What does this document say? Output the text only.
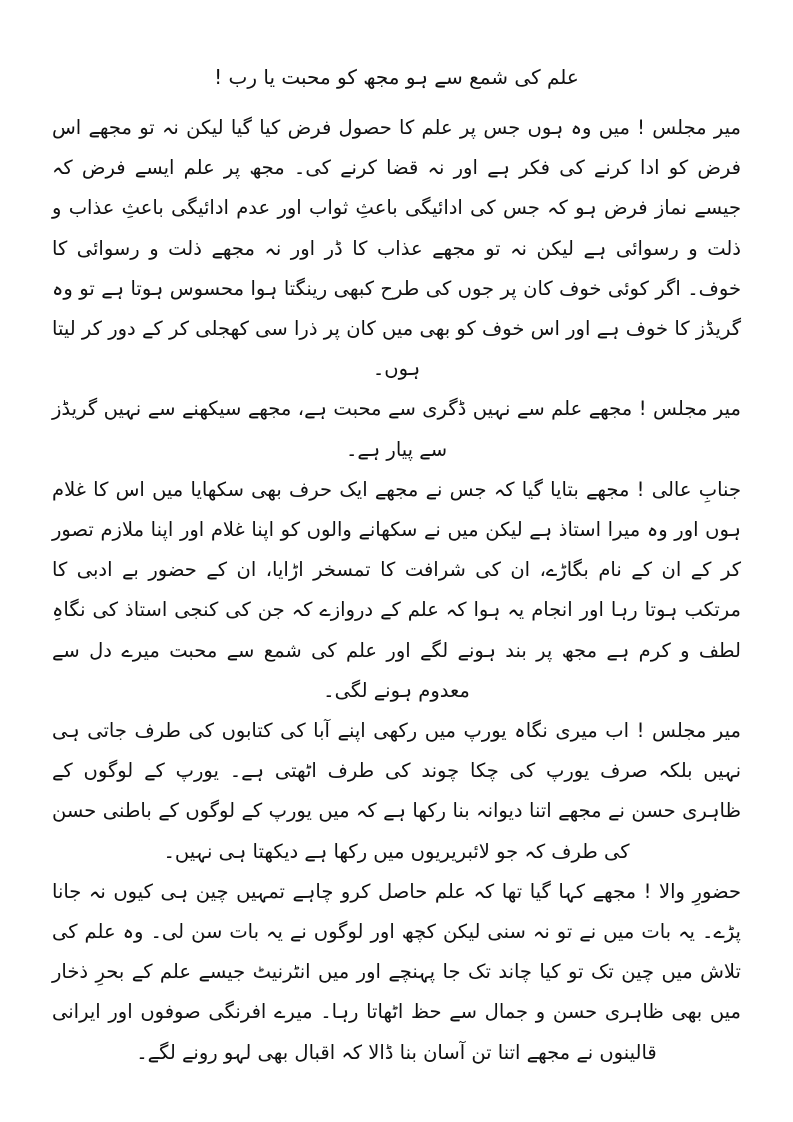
علم کی شمع سے ہو مجھ کو محبت یا رب !

میر مجلس ! میں وہ ہوں جس پر علم کا حصول فرض کیا گیا لیکن نہ تو مجھے اس فرض کو ادا کرنے کی فکر ہے اور نہ قضا کرنے کی۔ مجھ پر علم ایسے فرض کہ جیسے نماز فرض ہو کہ جس کی ادائیگی باعثِ ثواب اور عدم ادائیگی باعثِ عذاب و ذلت و رسوائی ہے لیکن نہ تو مجھے عذاب کا ڈر اور نہ مجھے ذلت و رسوائی کا خوف۔ اگر کوئی خوف کان پر جوں کی طرح کبھی رینگتا ہوا محسوس ہوتا ہے تو وہ گریڈز کا خوف ہے اور اس خوف کو بھی میں کان پر ذرا سی کھجلی کر کے دور کر لیتا ہوں۔

میر مجلس ! مجھے علم سے نہیں ڈگری سے محبت ہے، مجھے سیکھنے سے نہیں گریڈز سے پیار ہے۔

جنابِ عالی ! مجھے بتایا گیا کہ جس نے مجھے ایک حرف بھی سکھایا میں اس کا غلام ہوں اور وہ میرا استاذ ہے لیکن میں نے سکھانے والوں کو اپنا غلام اور اپنا ملازم تصور کر کے ان کے نام بگاڑے، ان کی شرافت کا تمسخر اڑایا، ان کے حضور بے ادبی کا مرتکب ہوتا رہا اور انجام یہ ہوا کہ علم کے دروازے کہ جن کی کنجی استاذ کی نگاہِ لطف و کرم ہے مجھ پر بند ہونے لگے اور علم کی شمع سے محبت میرے دل سے معدوم ہونے لگی۔

میر مجلس ! اب میری نگاہ یورپ میں رکھی اپنے آبا کی کتابوں کی طرف جاتی ہی نہیں بلکہ صرف یورپ کی چکا چوند کی طرف اٹھتی ہے۔ یورپ کے لوگوں کے ظاہری حسن نے مجھے اتنا دیوانہ بنا رکھا ہے کہ میں یورپ کے لوگوں کے باطنی حسن کی طرف کہ جو لائبریریوں میں رکھا ہے دیکھتا ہی نہیں۔

حضورِ والا ! مجھے کہا گیا تھا کہ علم حاصل کرو چاہے تمہیں چین ہی کیوں نہ جانا پڑے۔ یہ بات میں نے تو نہ سنی لیکن کچھ اور لوگوں نے یہ بات سن لی۔ وہ علم کی تلاش میں چین تک تو کیا چاند تک جا پہنچے اور میں انٹرنیٹ جیسے علم کے بحرِ ذخار میں بھی ظاہری حسن و جمال سے حظ اٹھاتا رہا۔ میرے افرنگی صوفوں اور ایرانی قالینوں نے مجھے اتنا تن آسان بنا ڈالا کہ اقبال بھی لہو رونے لگے۔
